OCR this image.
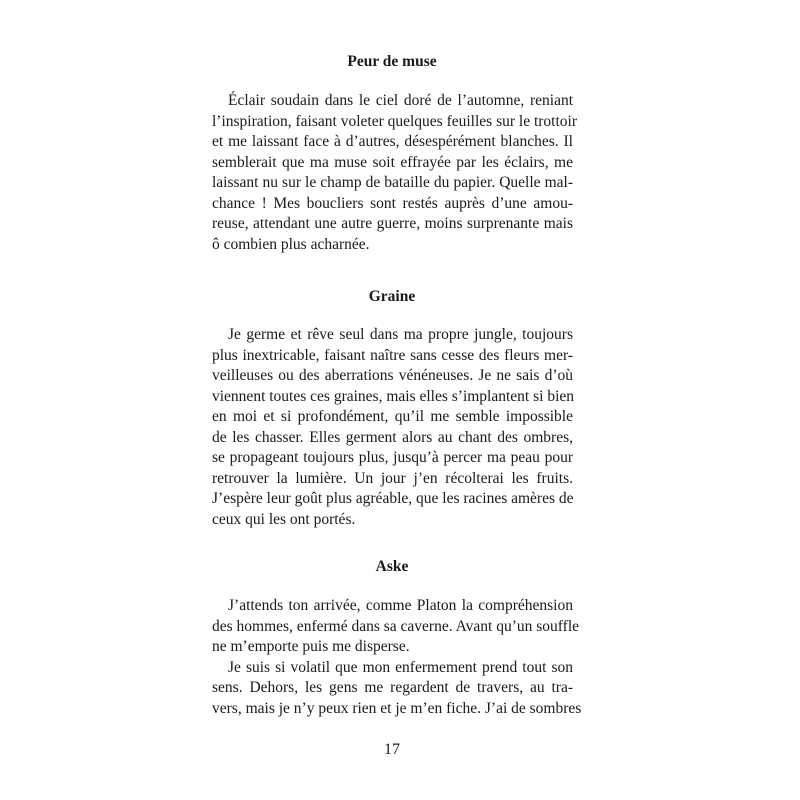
Peur de muse
Éclair soudain dans le ciel doré de l’automne, reniant
l’inspiration, faisant voleter quelques feuilles sur le trottoir
et me laissant face à d’autres, désespérément blanches. Il
semblerait que ma muse soit effrayée par les éclairs, me
laissant nu sur le champ de bataille du papier. Quelle mal-
chance ! Mes boucliers sont restés auprès d’une amou-
reuse, attendant une autre guerre, moins surprenante mais
ô combien plus acharnée.
Graine
Je germe et rêve seul dans ma propre jungle, toujours
plus inextricable, faisant naître sans cesse des fleurs mer-
veilleuses ou des aberrations vénéneuses. Je ne sais d’où
viennent toutes ces graines, mais elles s’implantent si bien
en moi et si profondément, qu’il me semble impossible
de les chasser. Elles germent alors au chant des ombres,
se propageant toujours plus, jusqu’à percer ma peau pour
retrouver la lumière. Un jour j’en récolterai les fruits.
J’espère leur goût plus agréable, que les racines amères de
ceux qui les ont portés.
Aske
J’attends ton arrivée, comme Platon la compréhension
des hommes, enfermé dans sa caverne. Avant qu’un souffle
ne m’emporte puis me disperse.
Je suis si volatil que mon enfermement prend tout son
sens. Dehors, les gens me regardent de travers, au tra-
vers, mais je n’y peux rien et je m’en fiche. J’ai de sombres
17
